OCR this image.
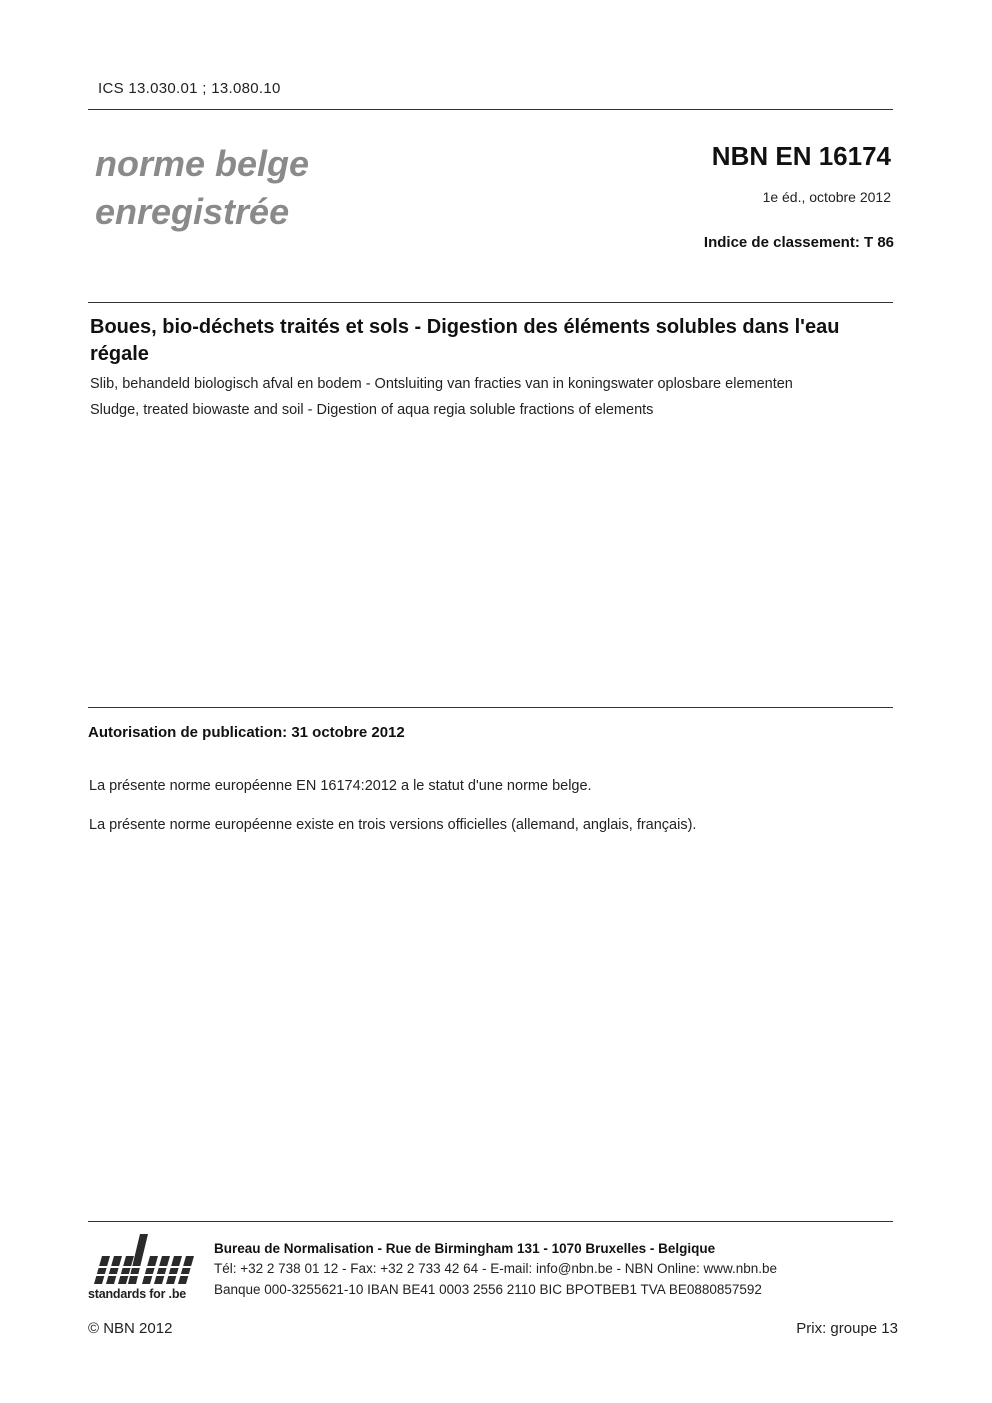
ICS 13.030.01 ; 13.080.10
norme belge
enregistrée
NBN EN 16174
1e éd., octobre 2012
Indice de classement: T 86
Boues, bio-déchets traités et sols - Digestion des éléments solubles dans l'eau régale
Slib, behandeld biologisch afval en bodem - Ontsluiting van fracties van in koningswater oplosbare elementen
Sludge, treated biowaste and soil - Digestion of aqua regia soluble fractions of elements
Autorisation de publication: 31 octobre 2012
La présente norme européenne EN 16174:2012 a le statut d'une norme belge.
La présente norme européenne existe en trois versions officielles (allemand, anglais, français).
standards for .be
Bureau de Normalisation - Rue de Birmingham 131 - 1070 Bruxelles - Belgique
Tél: +32 2 738 01 12 - Fax: +32 2 733 42 64 - E-mail: info@nbn.be - NBN Online: www.nbn.be
Banque 000-3255621-10 IBAN BE41 0003 2556 2110 BIC BPOTBEB1 TVA BE0880857592
© NBN 2012	Prix: groupe 13
